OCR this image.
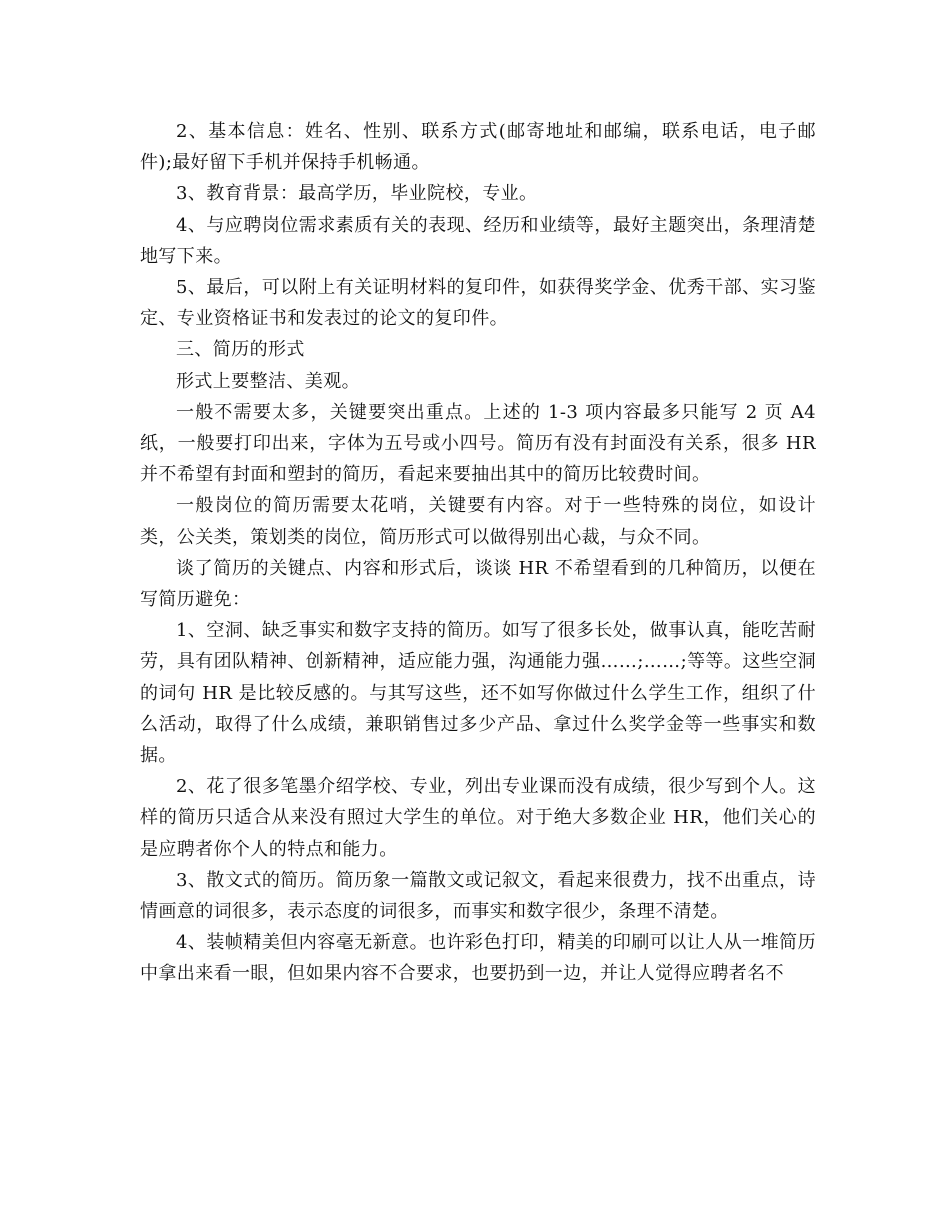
2、基本信息：姓名、性别、联系方式(邮寄地址和邮编，联系电话，电子邮件);最好留下手机并保持手机畅通。

3、教育背景：最高学历，毕业院校，专业。

4、与应聘岗位需求素质有关的表现、经历和业绩等，最好主题突出，条理清楚地写下来。

5、最后，可以附上有关证明材料的复印件，如获得奖学金、优秀干部、实习鉴定、专业资格证书和发表过的论文的复印件。

三、简历的形式

形式上要整洁、美观。

一般不需要太多，关键要突出重点。上述的 1-3 项内容最多只能写 2 页 A4 纸，一般要打印出来，字体为五号或小四号。简历有没有封面没有关系，很多 HR 并不希望有封面和塑封的简历，看起来要抽出其中的简历比较费时间。

一般岗位的简历需要太花哨，关键要有内容。对于一些特殊的岗位，如设计类，公关类，策划类的岗位，简历形式可以做得别出心裁，与众不同。

谈了简历的关键点、内容和形式后，谈谈 HR 不希望看到的几种简历，以便在写简历避免：

1、空洞、缺乏事实和数字支持的简历。如写了很多长处，做事认真，能吃苦耐劳，具有团队精神、创新精神，适应能力强，沟通能力强……;……;等等。这些空洞的词句 HR 是比较反感的。与其写这些，还不如写你做过什么学生工作，组织了什么活动，取得了什么成绩，兼职销售过多少产品、拿过什么奖学金等一些事实和数据。

2、花了很多笔墨介绍学校、专业，列出专业课而没有成绩，很少写到个人。这样的简历只适合从来没有照过大学生的单位。对于绝大多数企业 HR，他们关心的是应聘者你个人的特点和能力。

3、散文式的简历。简历象一篇散文或记叙文，看起来很费力，找不出重点，诗情画意的词很多，表示态度的词很多，而事实和数字很少，条理不清楚。

4、装帧精美但内容毫无新意。也许彩色打印，精美的印刷可以让人从一堆简历中拿出来看一眼，但如果内容不合要求，也要扔到一边，并让人觉得应聘者名不
